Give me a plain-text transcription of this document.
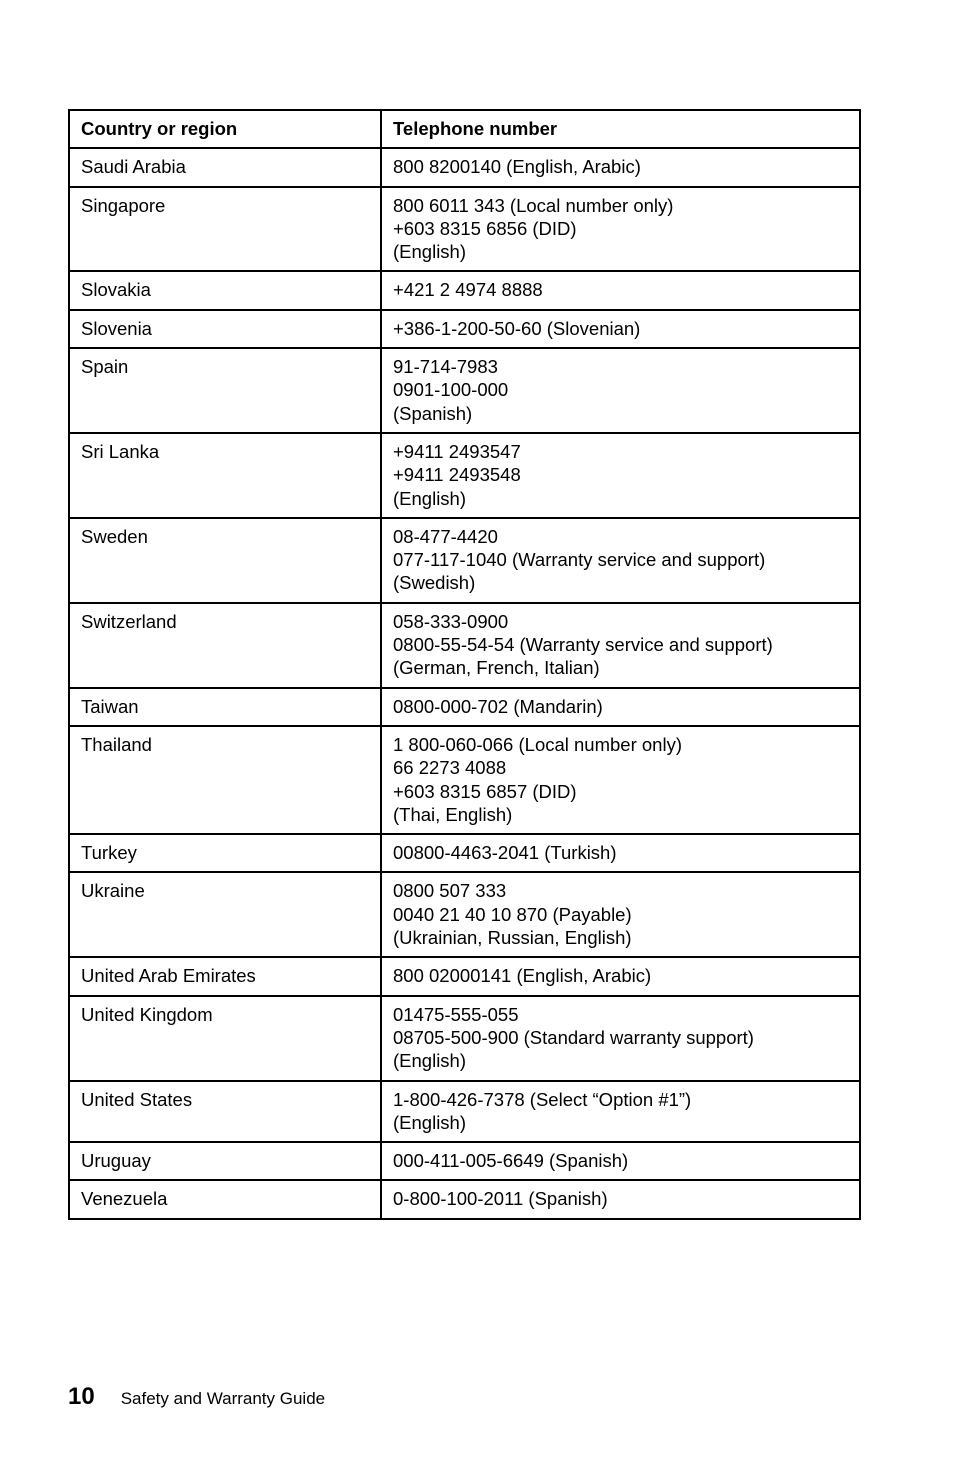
Country or region	Telephone number
Saudi Arabia	800 8200140 (English, Arabic)

Singapore	800 6011 343 (Local number only)
+603 8315 6856 (DID)
(English)

Slovakia	+421 2 4974 8888

Slovenia	+386-1-200-50-60 (Slovenian)

Spain	91-714-7983
0901-100-000
(Spanish)

Sri Lanka	+9411 2493547
+9411 2493548
(English)

Sweden	08-477-4420
077-117-1040 (Warranty service and support)
(Swedish)

Switzerland	058-333-0900
0800-55-54-54 (Warranty service and support)
(German, French, Italian)

Taiwan	0800-000-702 (Mandarin)

Thailand	1 800-060-066 (Local number only)
66 2273 4088
+603 8315 6857 (DID)
(Thai, English)

Turkey	00800-4463-2041 (Turkish)

Ukraine	0800 507 333
0040 21 40 10 870 (Payable)
(Ukrainian, Russian, English)

United Arab Emirates	800 02000141 (English, Arabic)

United Kingdom	01475-555-055
08705-500-900 (Standard warranty support)
(English)

United States	1-800-426-7378 (Select “Option #1”)
(English)

Uruguay	000-411-005-6649 (Spanish)

Venezuela	0-800-100-2011 (Spanish)
10 Safety and Warranty Guide
